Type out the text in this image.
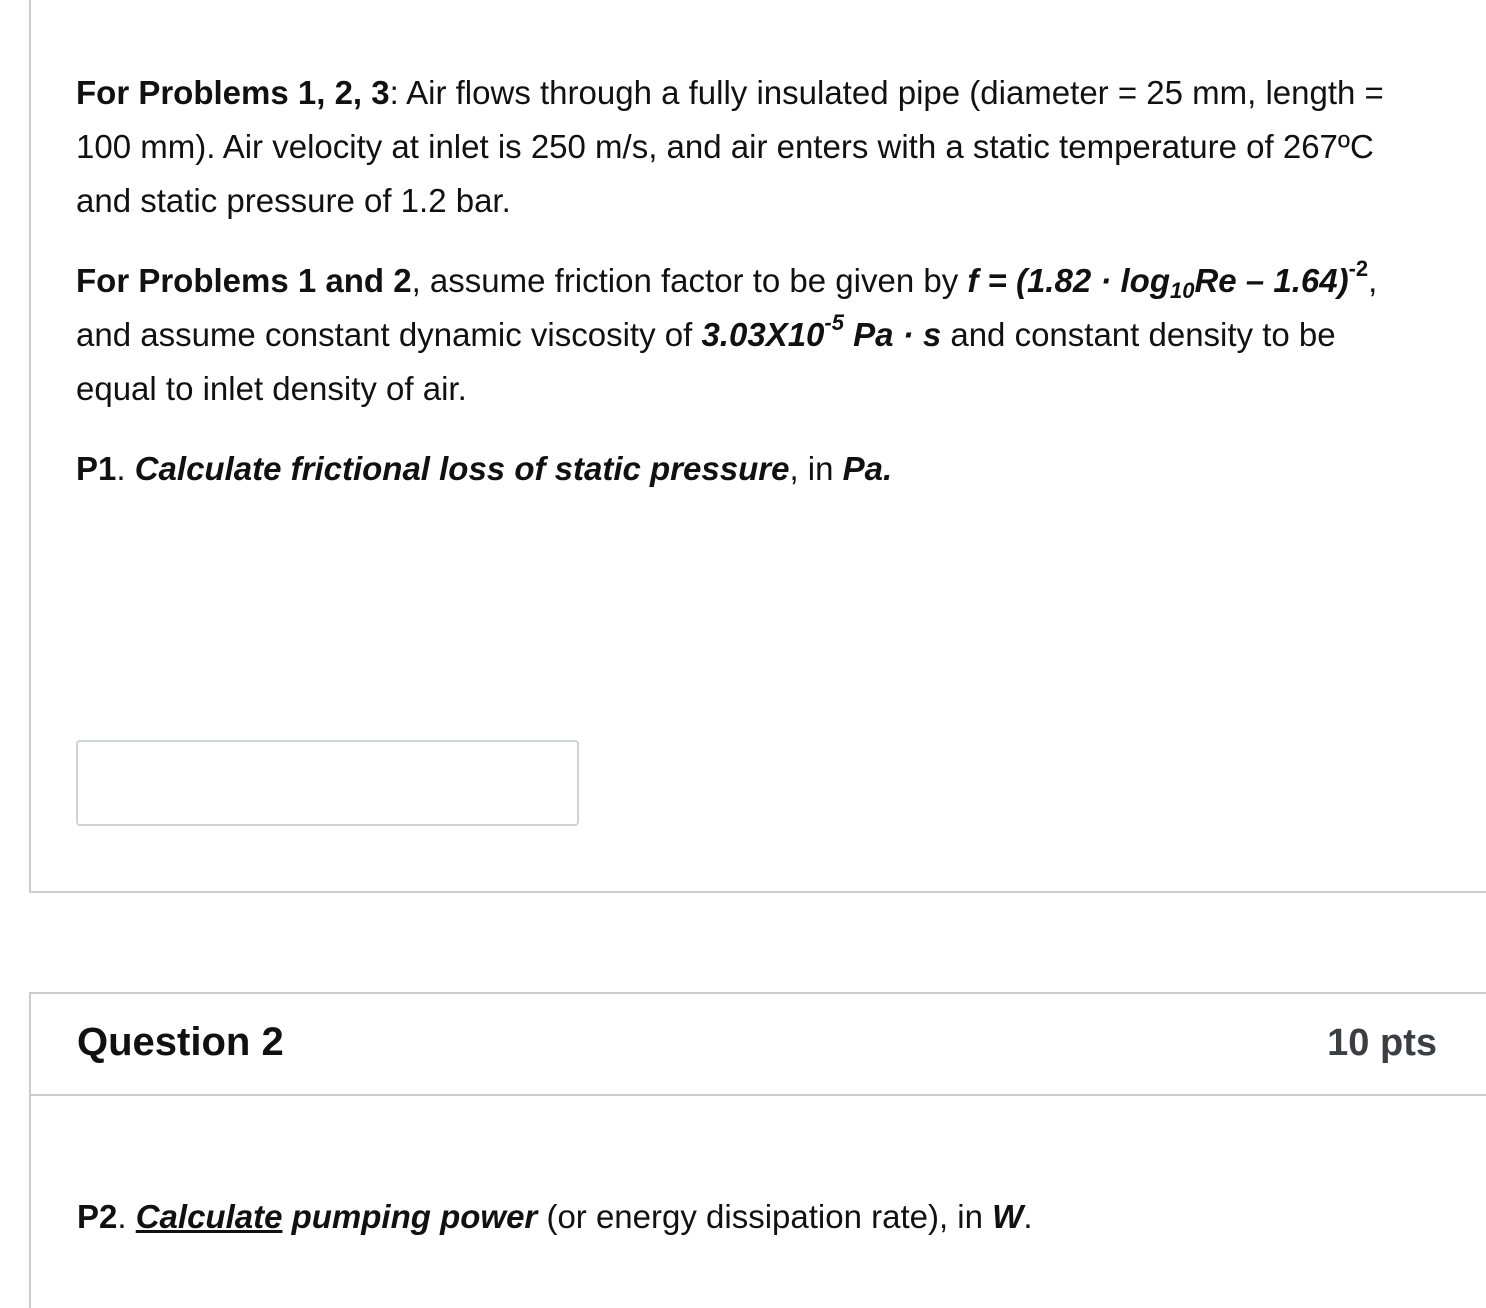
For Problems 1, 2, 3: Air flows through a fully insulated pipe (diameter = 25 mm, length = 100 mm). Air velocity at inlet is 250 m/s, and air enters with a static temperature of 267ºC and static pressure of 1.2 bar.

For Problems 1 and 2, assume friction factor to be given by $f = (1.82 \cdot \log_{10}Re - 1.64)^{-2}$, and assume constant dynamic viscosity of $3.03X10^{-5}$ Pa · s and constant density to be equal to inlet density of air.

P1. Calculate frictional loss of static pressure, in Pa.

Question 2	10 pts
P2. Calculate pumping power (or energy dissipation rate), in W.
